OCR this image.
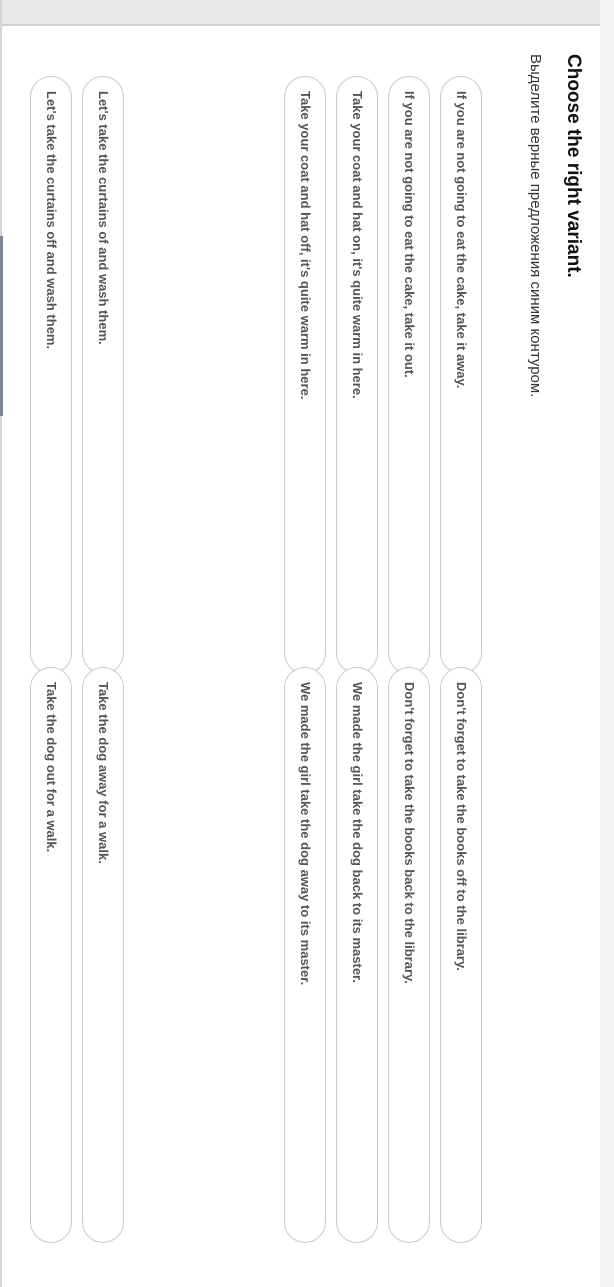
Choose the right variant.

Выделите верные предложения синим контуром.

If you are not going to eat the cake, take it away.
If you are not going to eat the cake, take it out.
Don't forget to take the books off to the library.
Don't forget to take the books back to the library.
Take your coat and hat on, it's quite warm in here.
Take your coat and hat off, it's quite warm in here.
We made the girl take the dog back to its master.
We made the girl take the dog away to its master.
Let's take the curtains of and wash them.
Let's take the curtains off and wash them.
Take the dog away for a walk.
Take the dog out for a walk.
